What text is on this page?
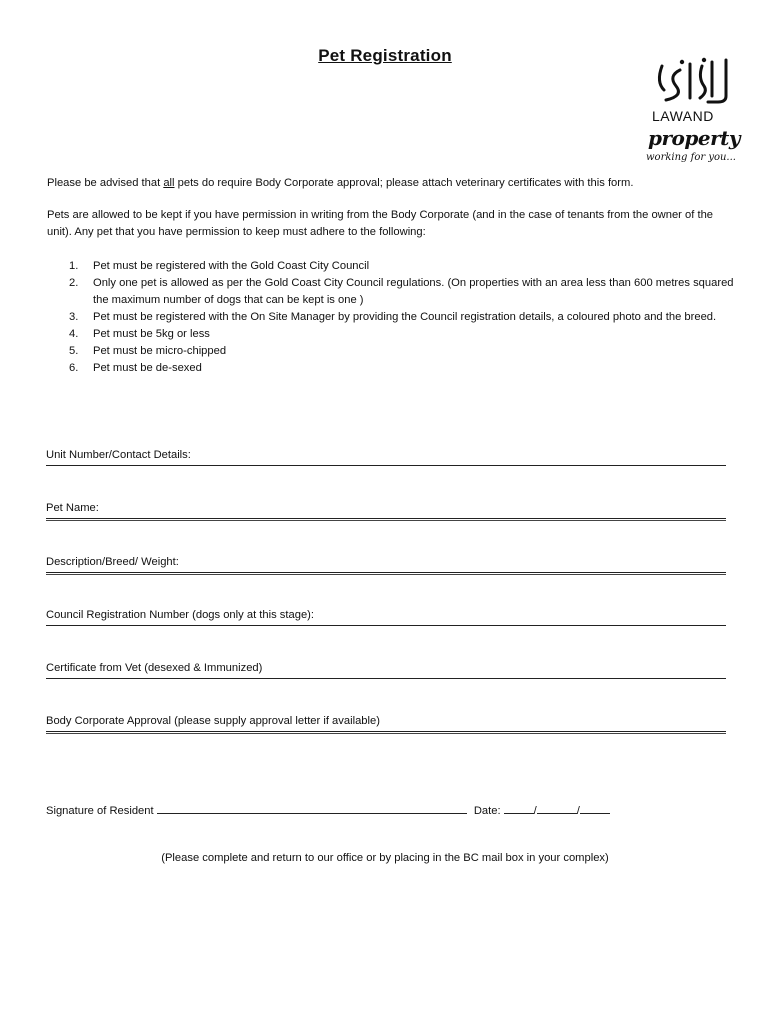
Pet Registration
LAWAND
property
working for you...
Please be advised that all pets do require Body Corporate approval; please attach veterinary certificates with this form.
Pets are allowed to be kept if you have permission in writing from the Body Corporate (and in the case of tenants from the owner of the unit). Any pet that you have permission to keep must adhere to the following:
1. Pet must be registered with the Gold Coast City Council
2. Only one pet is allowed as per the Gold Coast City Council regulations. (On properties with an area less than 600 metres squared the maximum number of dogs that can be kept is one )
3. Pet must be registered with the On Site Manager by providing the Council registration details, a coloured photo and the breed.
4. Pet must be 5kg or less
5. Pet must be micro-chipped
6. Pet must be de-sexed
Unit Number/Contact Details:
Pet Name:
Description/Breed/ Weight:
Council Registration Number (dogs only at this stage):
Certificate from Vet (desexed & Immunized)
Body Corporate Approval (please supply approval letter if available)
Signature of Resident	Date:	/	/
(Please complete and return to our office or by placing in the BC mail box in your complex)
